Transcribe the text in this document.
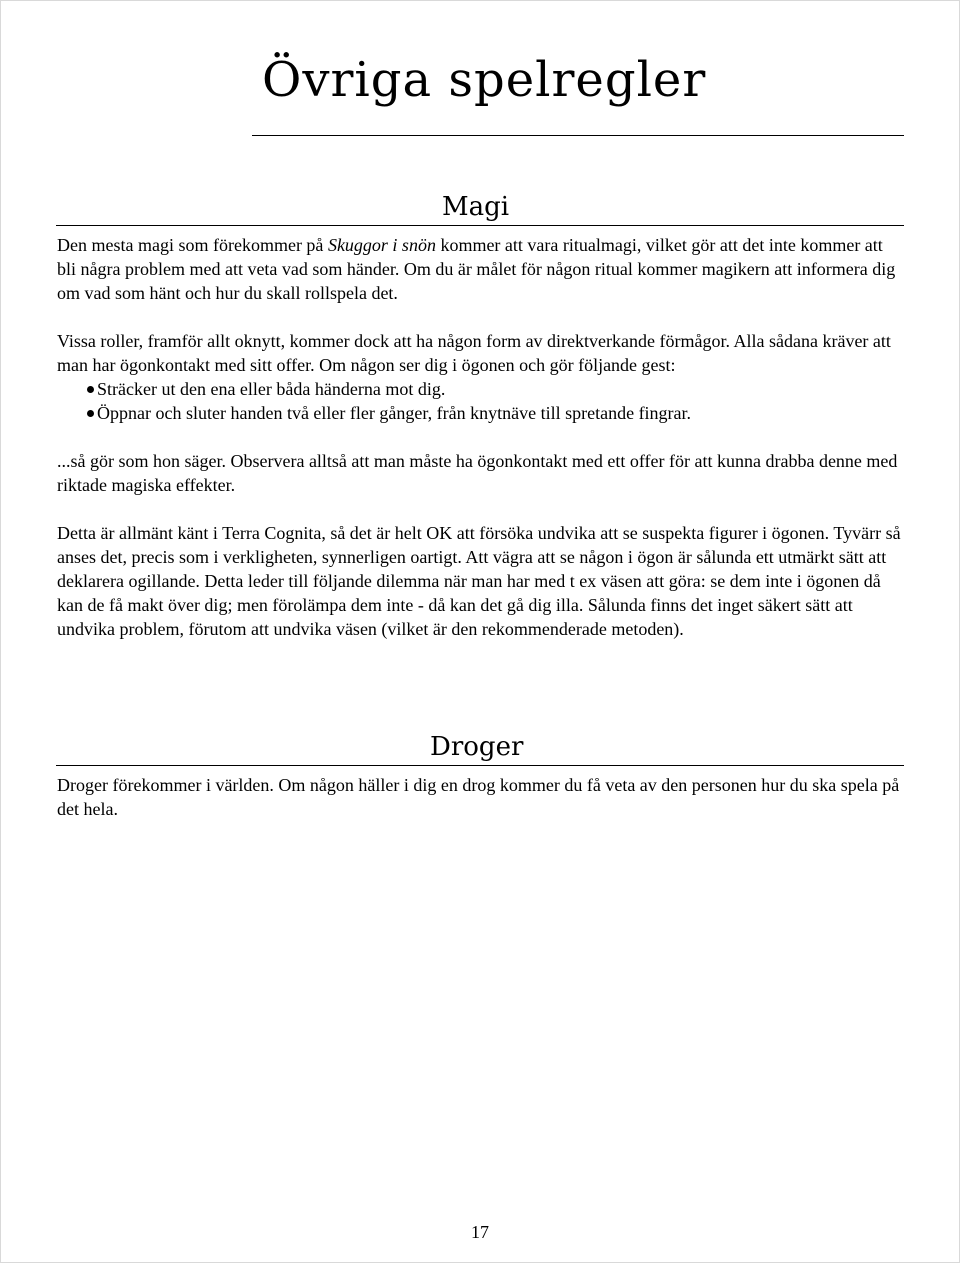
Övriga spelregler
Magi

Den mesta magi som förekommer på Skuggor i snön kommer att vara ritualmagi, vilket gör att det inte kommer att bli några problem med att veta vad som händer. Om du är målet för någon ritual kommer magikern att informera dig om vad som hänt och hur du skall rollspela det.

Vissa roller, framför allt oknytt, kommer dock att ha någon form av direktverkande förmågor. Alla sådana kräver att man har ögonkontakt med sitt offer. Om någon ser dig i ögonen och gör följande gest:

Sträcker ut den ena eller båda händerna mot dig.
Öppnar och sluter handen två eller fler gånger, från knytnäve till spretande fingrar.

...så gör som hon säger. Observera alltså att man måste ha ögonkontakt med ett offer för att kunna drabba denne med riktade magiska effekter.

Detta är allmänt känt i Terra Cognita, så det är helt OK att försöka undvika att se suspekta figurer i ögonen. Tyvärr så anses det, precis som i verkligheten, synnerligen oartigt. Att vägra att se någon i ögon är sålunda ett utmärkt sätt att deklarera ogillande. Detta leder till följande dilemma när man har med t ex väsen att göra: se dem inte i ögonen då kan de få makt över dig; men förolämpa dem inte - då kan det gå dig illa. Sålunda finns det inget säkert sätt att undvika problem, förutom att undvika väsen (vilket är den rekommenderade metoden).

Droger

Droger förekommer i världen. Om någon häller i dig en drog kommer du få veta av den personen hur du ska spela på det hela.

17
